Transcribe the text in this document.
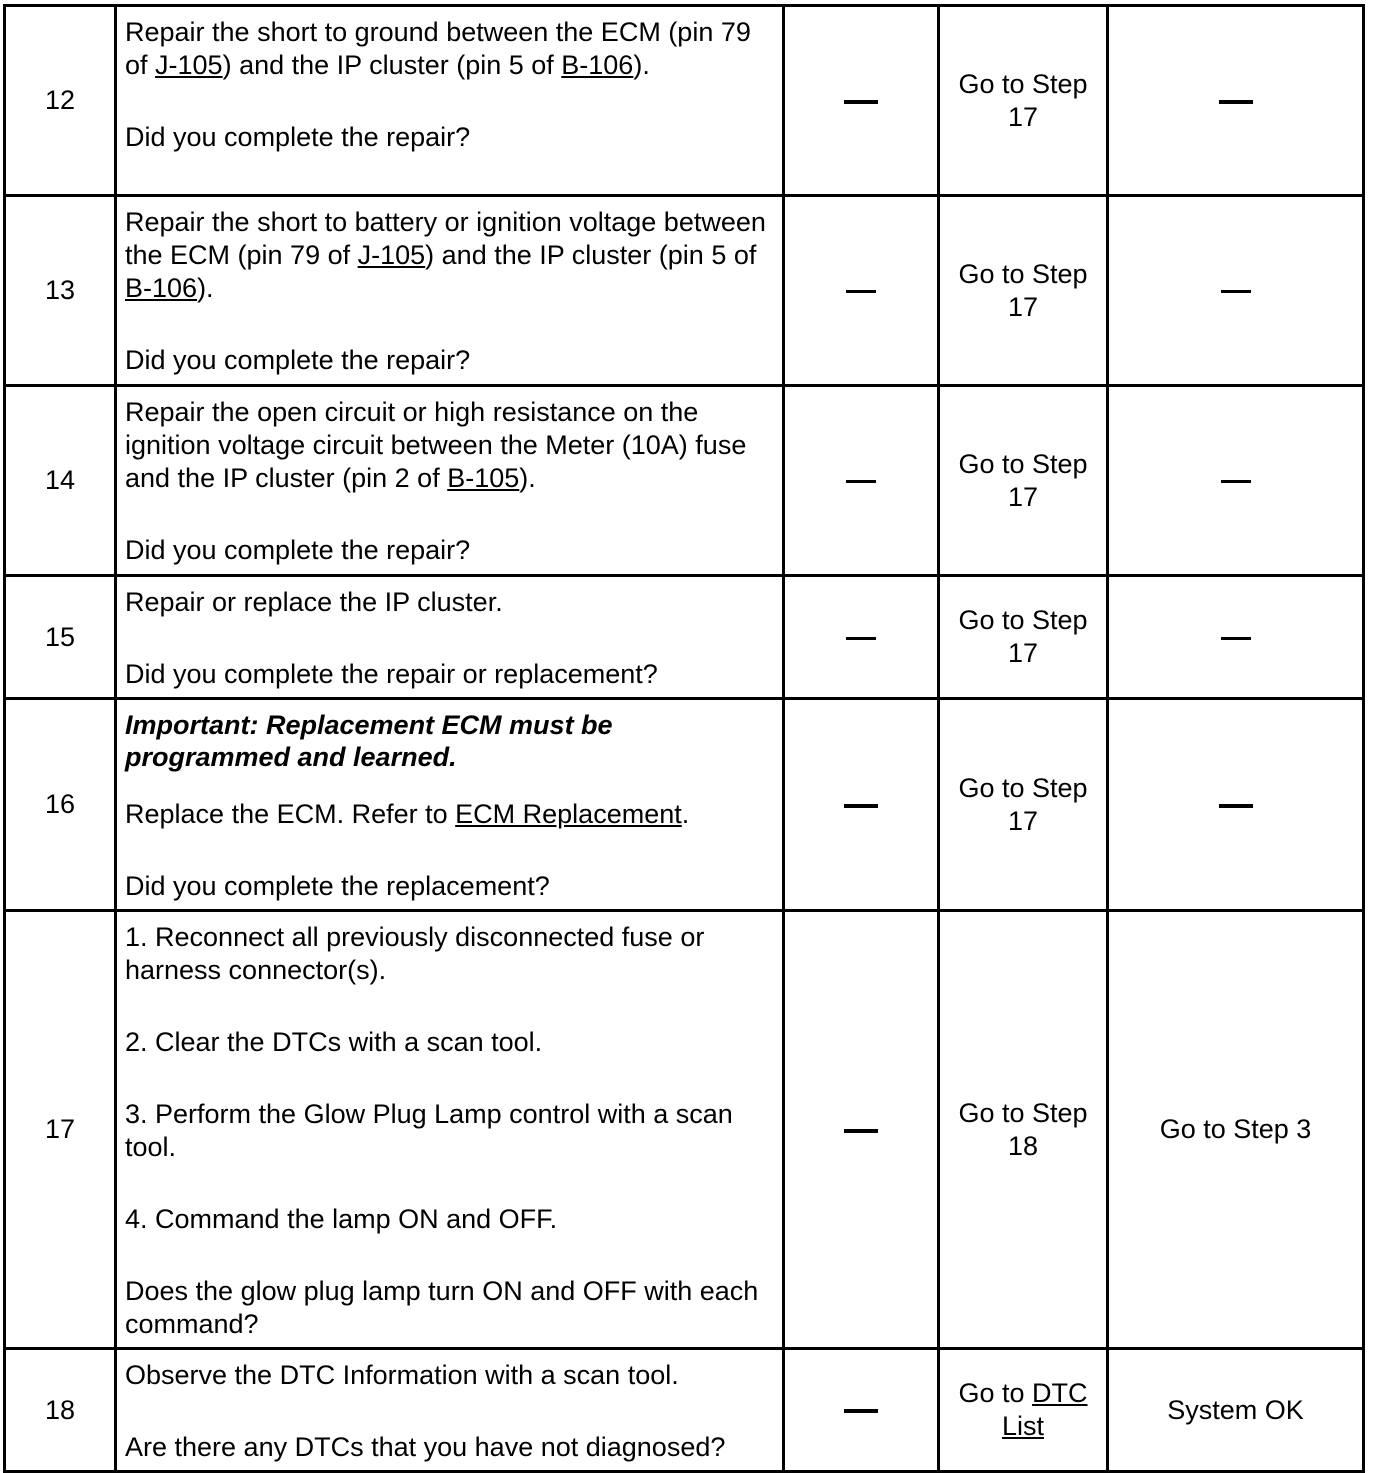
12	Repair the short to ground between the ECM (pin 79 of J-105) and the IP cluster (pin 5 of B-106).

Did you complete the repair?		Go to Step 17	

13	Repair the short to battery or ignition voltage between the ECM (pin 79 of J-105) and the IP cluster (pin 5 of B-106).

Did you complete the repair?		Go to Step 17	

14	Repair the open circuit or high resistance on the ignition voltage circuit between the Meter (10A) fuse and the IP cluster (pin 2 of B-105).

Did you complete the repair?		Go to Step 17	

15	Repair or replace the IP cluster.

Did you complete the repair or replacement?		Go to Step 17	

16	Important: Replacement ECM must be programmed and learned.

Replace the ECM. Refer to ECM Replacement.

Did you complete the replacement?		Go to Step 17	

17	1. Reconnect all previously disconnected fuse or harness connector(s).

2. Clear the DTCs with a scan tool.

3. Perform the Glow Plug Lamp control with a scan tool.

4. Command the lamp ON and OFF.

Does the glow plug lamp turn ON and OFF with each command?		Go to Step 18	Go to Step 3
18	Observe the DTC Information with a scan tool.

Are there any DTCs that you have not diagnosed?		Go to DTC List	System OK
